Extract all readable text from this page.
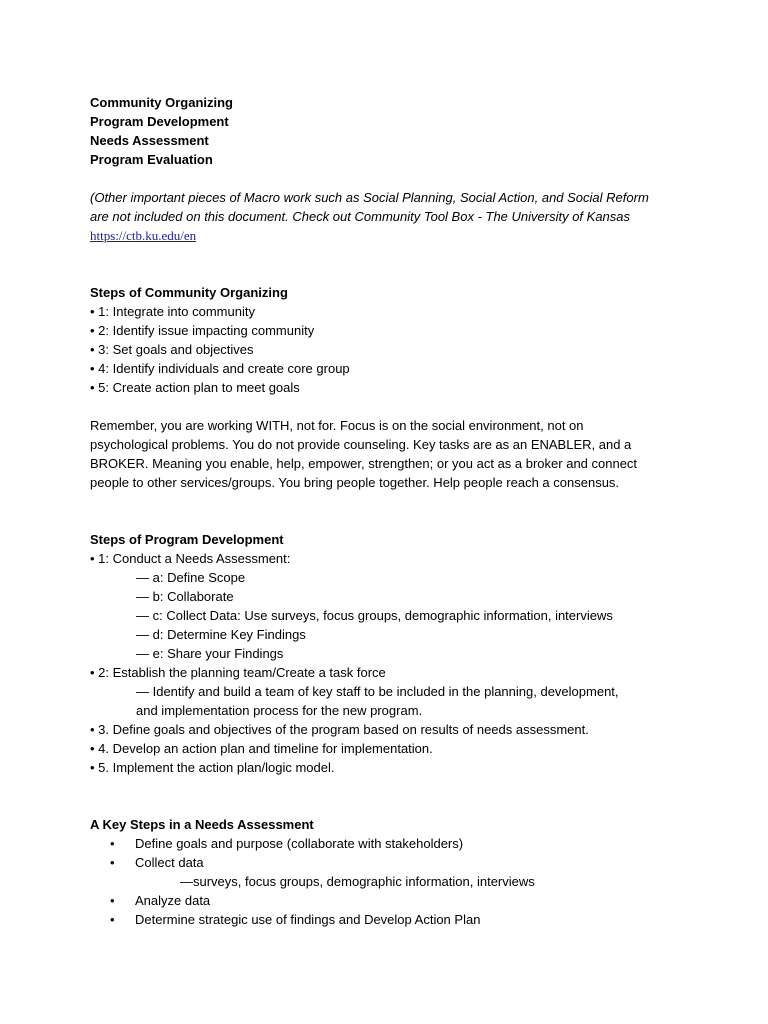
Community Organizing
Program Development
Needs Assessment
Program Evaluation
(Other important pieces of Macro work such as Social Planning, Social Action, and Social Reform
are not included on this document. Check out Community Tool Box - The University of Kansas
https://ctb.ku.edu/en
Steps of Community Organizing
• 1: Integrate into community
• 2: Identify issue impacting community
• 3: Set goals and objectives
• 4: Identify individuals and create core group
• 5: Create action plan to meet goals
Remember, you are working WITH, not for. Focus is on the social environment, not on
psychological problems. You do not provide counseling. Key tasks are as an ENABLER, and a
BROKER. Meaning you enable, help, empower, strengthen; or you act as a broker and connect
people to other services/groups. You bring people together. Help people reach a consensus.
Steps of Program Development
• 1: Conduct a Needs Assessment:
— a: Define Scope
— b: Collaborate
— c: Collect Data: Use surveys, focus groups, demographic information, interviews
— d: Determine Key Findings
— e: Share your Findings
• 2: Establish the planning team/Create a task force
— Identify and build a team of key staff to be included in the planning, development,
and implementation process for the new program.
• 3. Define goals and objectives of the program based on results of needs assessment.
• 4. Develop an action plan and timeline for implementation.
• 5. Implement the action plan/logic model.
A Key Steps in a Needs Assessment
• Define goals and purpose (collaborate with stakeholders)
• Collect data
—surveys, focus groups, demographic information, interviews
• Analyze data
• Determine strategic use of findings and Develop Action Plan
